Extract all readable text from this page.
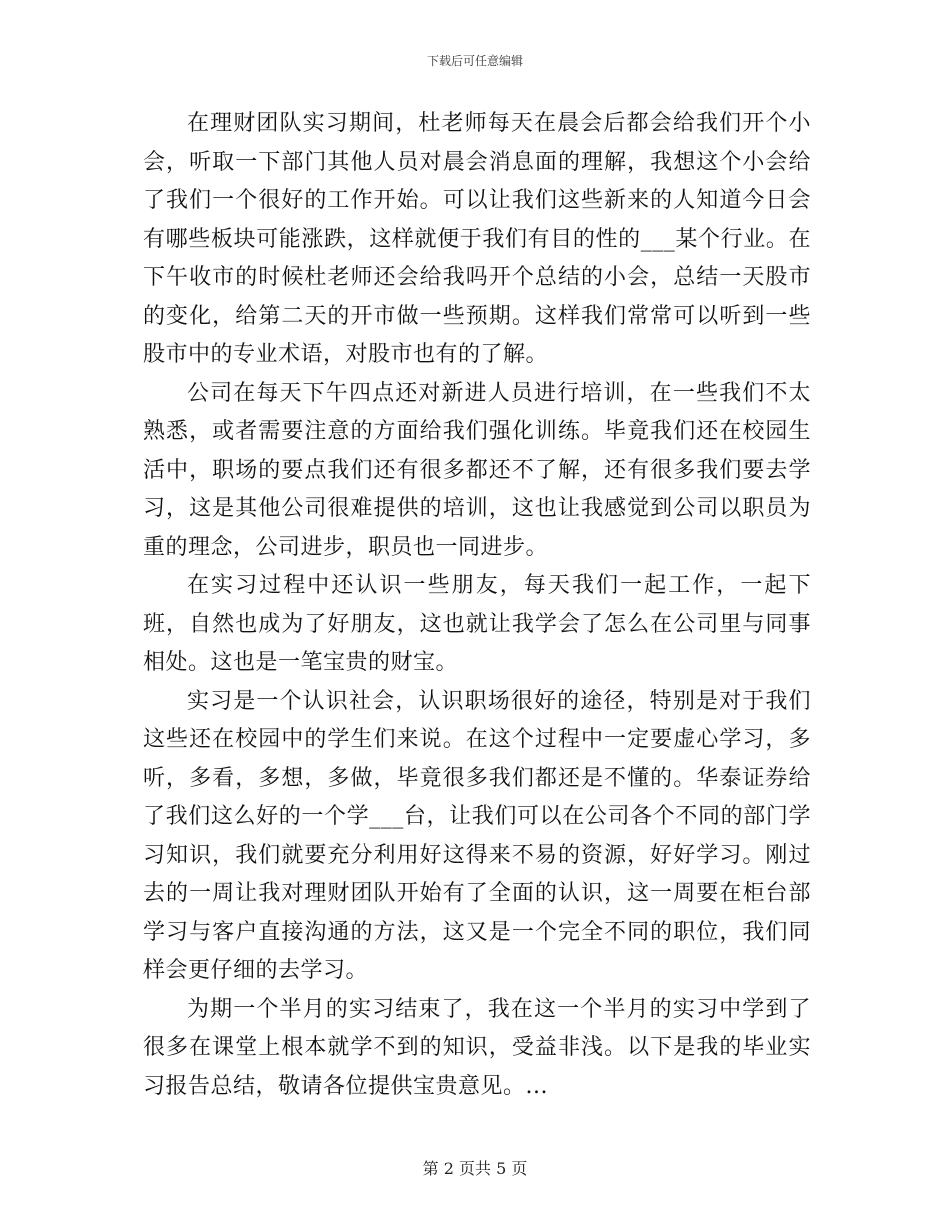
下载后可任意编辑

在理财团队实习期间，杜老师每天在晨会后都会给我们开个小会，听取一下部门其他人员对晨会消息面的理解，我想这个小会给了我们一个很好的工作开始。可以让我们这些新来的人知道今日会有哪些板块可能涨跌，这样就便于我们有目的性的___某个行业。在下午收市的时候杜老师还会给我吗开个总结的小会，总结一天股市的变化，给第二天的开市做一些预期。这样我们常常可以听到一些股市中的专业术语，对股市也有的了解。

公司在每天下午四点还对新进人员进行培训，在一些我们不太熟悉，或者需要注意的方面给我们强化训练。毕竟我们还在校园生活中，职场的要点我们还有很多都还不了解，还有很多我们要去学习，这是其他公司很难提供的培训，这也让我感觉到公司以职员为重的理念，公司进步，职员也一同进步。

在实习过程中还认识一些朋友，每天我们一起工作，一起下班，自然也成为了好朋友，这也就让我学会了怎么在公司里与同事相处。这也是一笔宝贵的财宝。

实习是一个认识社会，认识职场很好的途径，特别是对于我们这些还在校园中的学生们来说。在这个过程中一定要虚心学习，多听，多看，多想，多做，毕竟很多我们都还是不懂的。华泰证券给了我们这么好的一个学___台，让我们可以在公司各个不同的部门学习知识，我们就要充分利用好这得来不易的资源，好好学习。刚过去的一周让我对理财团队开始有了全面的认识，这一周要在柜台部学习与客户直接沟通的方法，这又是一个完全不同的职位，我们同样会更仔细的去学习。

为期一个半月的实习结束了，我在这一个半月的实习中学到了很多在课堂上根本就学不到的知识，受益非浅。以下是我的毕业实习报告总结，敬请各位提供宝贵意见。...

第 2 页共 5 页
